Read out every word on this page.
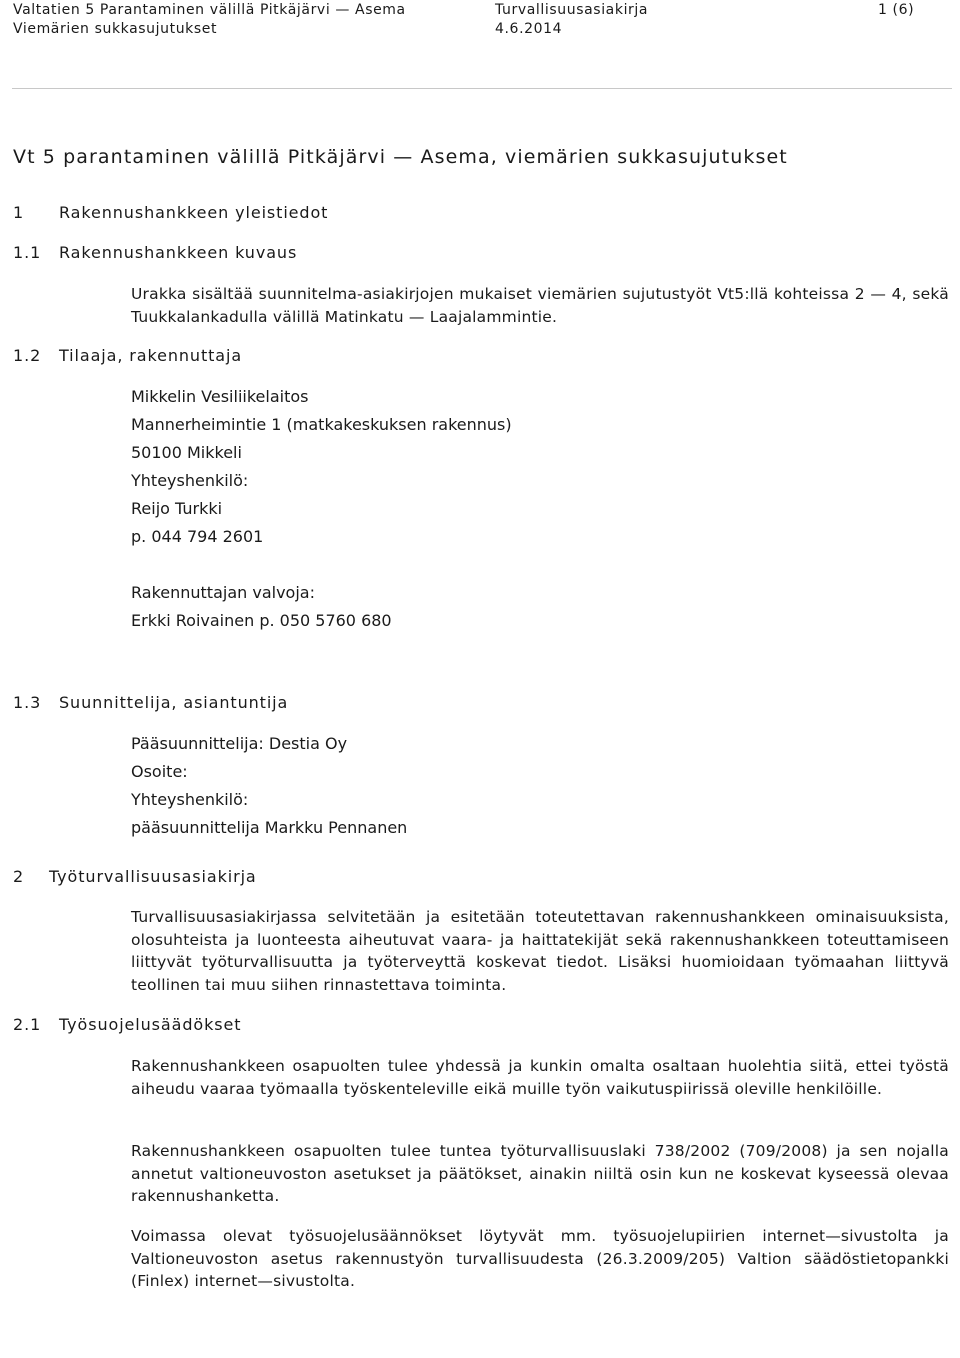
Valtatien 5 Parantaminen välillä Pitkäjärvi — Asema
Viemärien sukkasujutukset
Turvallisuusasiakirja
4.6.2014
1 (6)
Vt 5 parantaminen välillä Pitkäjärvi — Asema, viemärien sukkasujutukset
1 Rakennushankkeen yleistiedot
1.1 Rakennushankkeen kuvaus
Urakka sisältää suunnitelma-asiakirjojen mukaiset viemärien sujutustyöt Vt5:llä kohteissa 2 — 4, sekä Tuukkalankadulla välillä Matinkatu — Laajalammintie.
1.2 Tilaaja, rakennuttaja
Mikkelin Vesiliikelaitos
Mannerheimintie 1 (matkakeskuksen rakennus)
50100 Mikkeli
Yhteyshenkilö:
Reijo Turkki
p. 044 794 2601
Rakennuttajan valvoja:
Erkki Roivainen p. 050 5760 680
1.3 Suunnittelija, asiantuntija
Pääsuunnittelija: Destia Oy
Osoite:
Yhteyshenkilö:
pääsuunnittelija Markku Pennanen
2 Työturvallisuusasiakirja
Turvallisuusasiakirjassa selvitetään ja esitetään toteutettavan rakennushankkeen ominaisuuksista, olosuhteista ja luonteesta aiheutuvat vaara- ja haittatekijät sekä rakennushankkeen toteuttamiseen liittyvät työturvallisuutta ja työterveyttä koskevat tiedot. Lisäksi huomioidaan työmaahan liittyvä teollinen tai muu siihen rinnastettava toiminta.
2.1 Työsuojelusäädökset
Rakennushankkeen osapuolten tulee yhdessä ja kunkin omalta osaltaan huolehtia siitä, ettei työstä aiheudu vaaraa työmaalla työskenteleville eikä muille työn vaikutuspiirissä oleville henkilöille.
Rakennushankkeen osapuolten tulee tuntea työturvallisuuslaki 738/2002 (709/2008) ja sen nojalla annetut valtioneuvoston asetukset ja päätökset, ainakin niiltä osin kun ne koskevat kyseessä olevaa rakennushanketta.
Voimassa olevat työsuojelusäännökset löytyvät mm. työsuojelupiirien internet—sivustolta ja Valtioneuvoston asetus rakennustyön turvallisuudesta (26.3.2009/205) Valtion säädöstietopankki (Finlex) internet—sivustolta.
